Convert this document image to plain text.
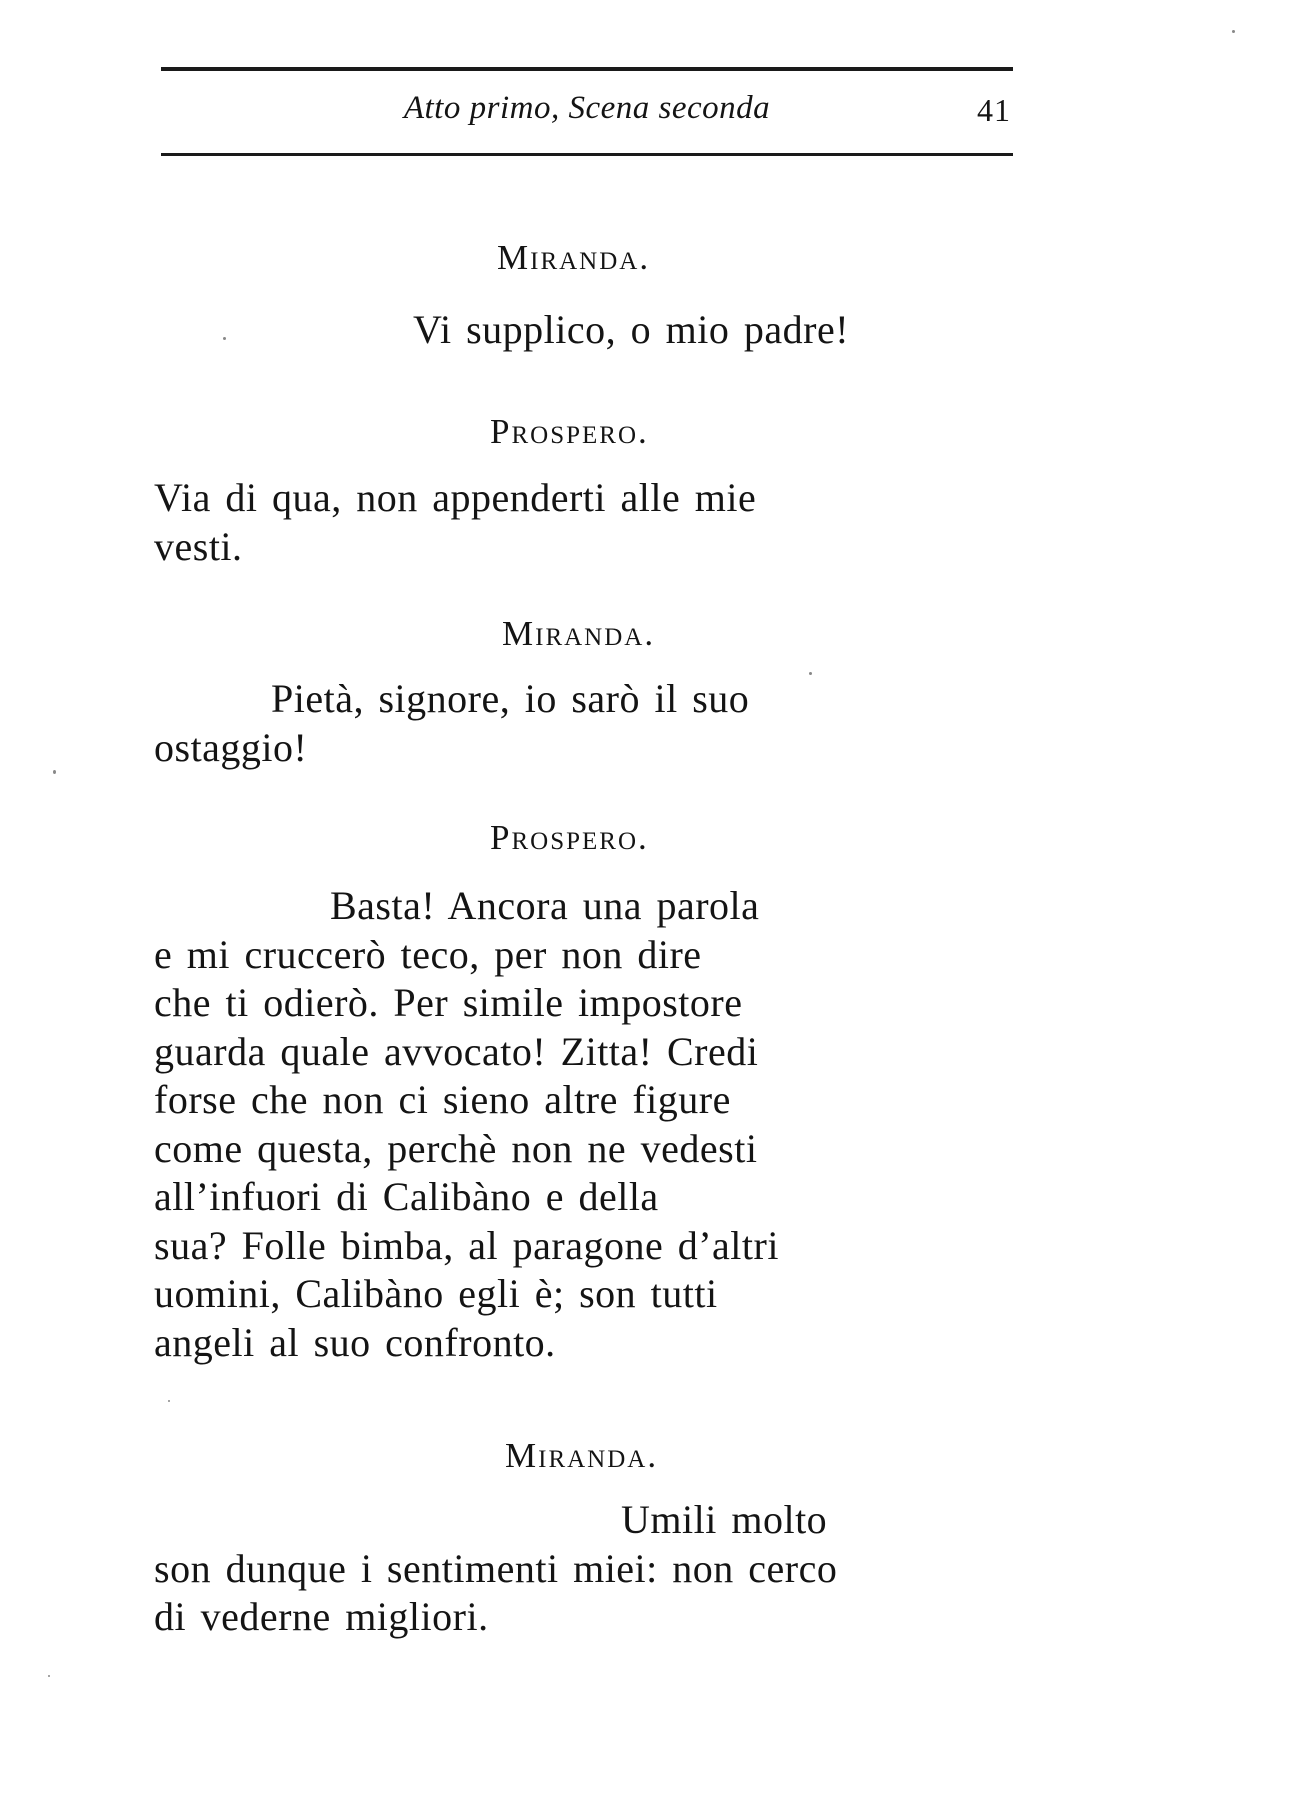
Atto primo, Scena seconda	41
Miranda.
Vi supplico, o mio padre!
Prospero.
Via di qua, non appenderti alle mie
vesti.
Miranda.
Pietà, signore, io sarò il suo
ostaggio!
Prospero.
Basta! Ancora una parola
e mi cruccerò teco, per non dire
che ti odierò. Per simile impostore
guarda quale avvocato! Zitta! Credi
forse che non ci sieno altre figure
come questa, perchè non ne vedesti
all’infuori di Calibàno e della
sua? Folle bimba, al paragone d’altri
uomini, Calibàno egli è; son tutti
angeli al suo confronto.
Miranda.
Umili molto
son dunque i sentimenti miei: non cerco
di vederne migliori.
